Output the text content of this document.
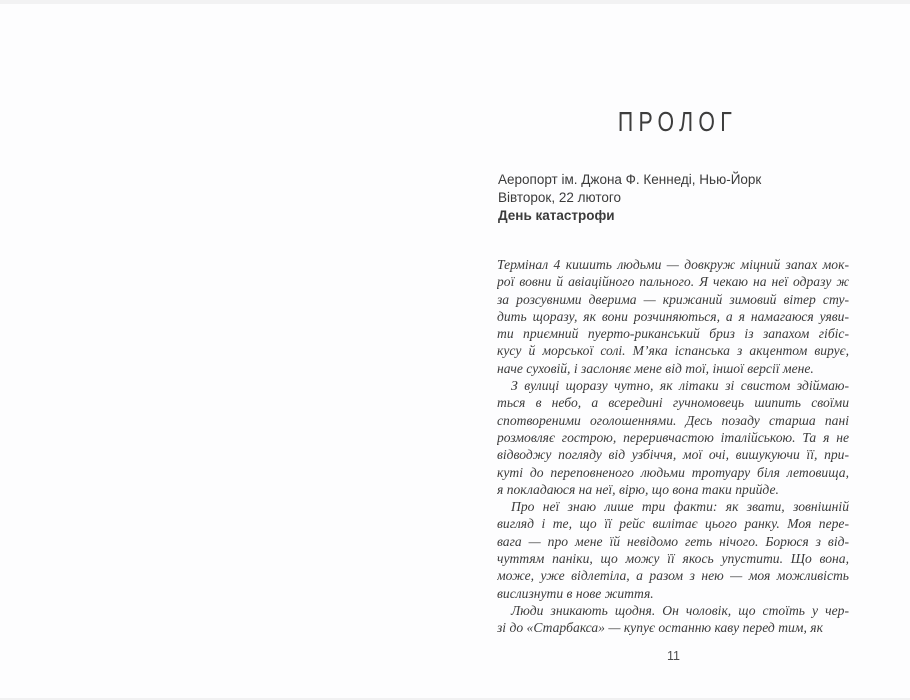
ПРОЛОГ
Аеропорт ім. Джона Ф. Кеннеді, Нью-Йорк
Вівторок, 22 лютого
День катастрофи
Термінал 4 кишить людьми — довкруж міцний запах мок-
рої вовни й авіаційного пального. Я чекаю на неї одразу ж
за розсувними дверима — крижаний зимовий вітер сту-
дить щоразу, як вони розчиняються, а я намагаюся уяви-
ти приємний пуерто-риканський бриз із запахом гібіс-
кусу й морської солі. М’яка іспанська з акцентом вирує,
наче суховій, і заслоняє мене від тої, іншої версії мене.
З вулиці щоразу чутно, як літаки зі свистом здіймаю-
ться в небо, а всередині гучномовець шипить своїми
спотвореними оголошеннями. Десь позаду старша пані
розмовляє гострою, переривчастою італійською. Та я не
відводжу погляду від узбіччя, мої очі, вишукуючи її, при-
куті до переповненого людьми тротуару біля летовища,
я покладаюся на неї, вірю, що вона таки прийде.
Про неї знаю лише три факти: як звати, зовнішній
вигляд і те, що її рейс вилітає цього ранку. Моя пере-
вага — про мене їй невідомо геть нічого. Борюся з від-
чуттям паніки, що можу її якось упустити. Що вона,
може, уже відлетіла, а разом з нею — моя можливість
вислизнути в нове життя.
Люди зникають щодня. Он чоловік, що стоїть у чер-
зі до «Старбакса» — купує останню каву перед тим, як
11
